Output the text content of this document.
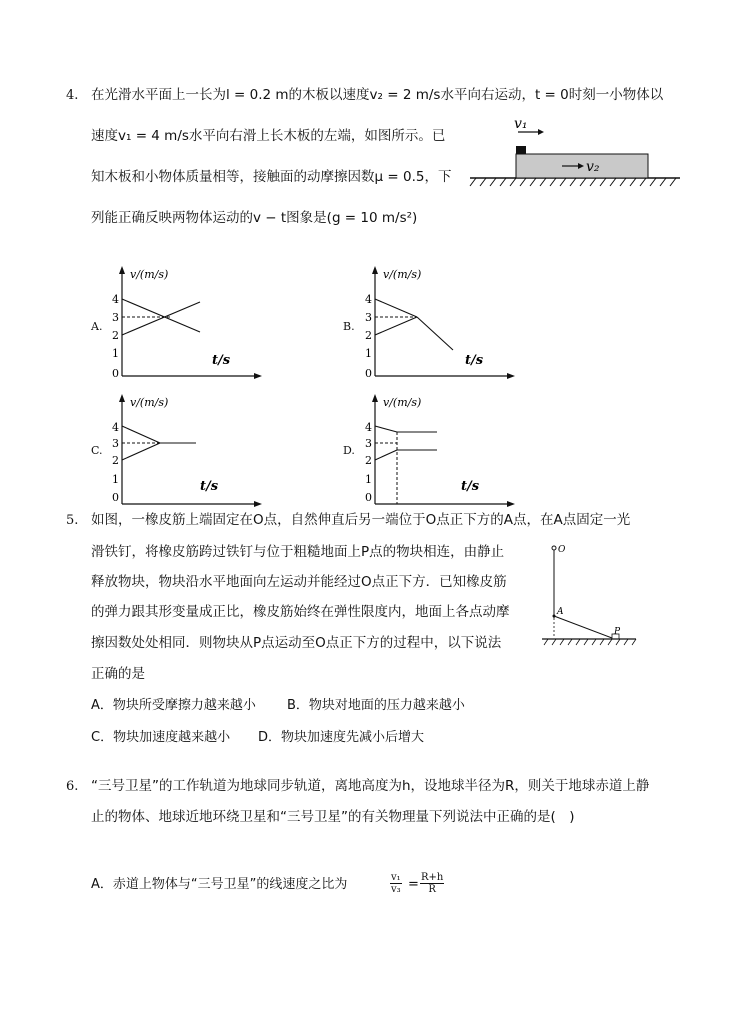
4. 在光滑水平面上一长为l = 0.2 m的木板以速度v₂ = 2 m/s水平向右运动，t = 0时刻一小物体以
速度v₁ = 4 m/s水平向右滑上长木板的左端，如图所示。已
知木板和小物体质量相等，接触面的动摩擦因数μ = 0.5，下
列能正确反映两物体运动的v − t图象是(g = 10 m/s²)
v₁
v₂
A.
v/(m/s)
t/s
4
3
2
1
0
B.
v/(m/s)
t/s
4
3
2
1
0
C.
v/(m/s)
t/s
4
3
2
1
0
D.
v/(m/s)
t/s
4
3
2
1
0
5. 如图，一橡皮筋上端固定在O点，自然伸直后另一端位于O点正下方的A点，在A点固定一光
滑铁钉，将橡皮筋跨过铁钉与位于粗糙地面上P点的物块相连，由静止
释放物块，物块沿水平地面向左运动并能经过O点正下方．已知橡皮筋
的弹力跟其形变量成正比，橡皮筋始终在弹性限度内，地面上各点动摩
擦因数处处相同．则物块从P点运动至O点正下方的过程中，以下说法
正确的是
O
A
P
A．物块所受摩擦力越来越小 B．物块对地面的压力越来越小
C．物块加速度越来越小 D．物块加速度先减小后增大
6. “三号卫星”的工作轨道为地球同步轨道，离地高度为h，设地球半径为R，则关于地球赤道上静
止的物体、地球近地环绕卫星和“三号卫星”的有关物理量下列说法中正确的是(　)
A．赤道上物体与“三号卫星”的线速度之比为	$\frac{\text{v₁}}{\text{v₃}} = \frac{R+h}{R}$
